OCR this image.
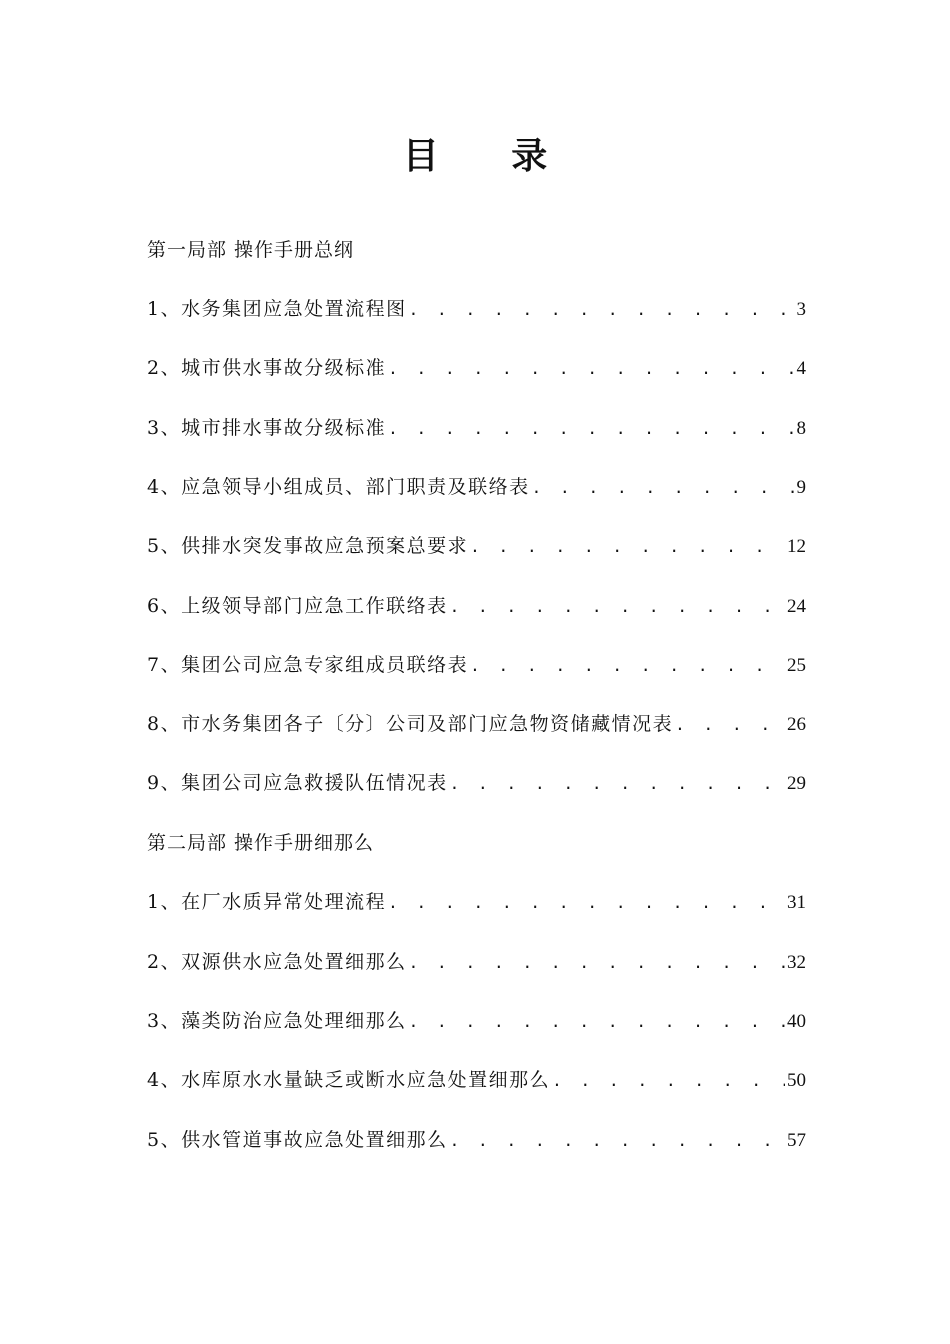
目 录
第一局部 操作手册总纲
1、水务集团应急处置流程图 . . .	3
2、城市供水事故分级标准 . . .	4
3、城市排水事故分级标准 . . .	8
4、应急领导小组成员、部门职责及联络表 . . .	9
5、供排水突发事故应急预案总要求 . . .	12
6、上级领导部门应急工作联络表 . . .	24
7、集团公司应急专家组成员联络表 . . .	25
8、市水务集团各子〔分〕公司及部门应急物资储藏情况表 . . .	26
9、集团公司应急救援队伍情况表 . . .	29
第二局部 操作手册细那么
1、在厂水质异常处理流程 . . .	31
2、双源供水应急处置细那么 . . .	32
3、藻类防治应急处理细那么 . . .	40
4、水库原水水量缺乏或断水应急处置细那么 . . .	50
5、供水管道事故应急处置细那么 . . .	57
